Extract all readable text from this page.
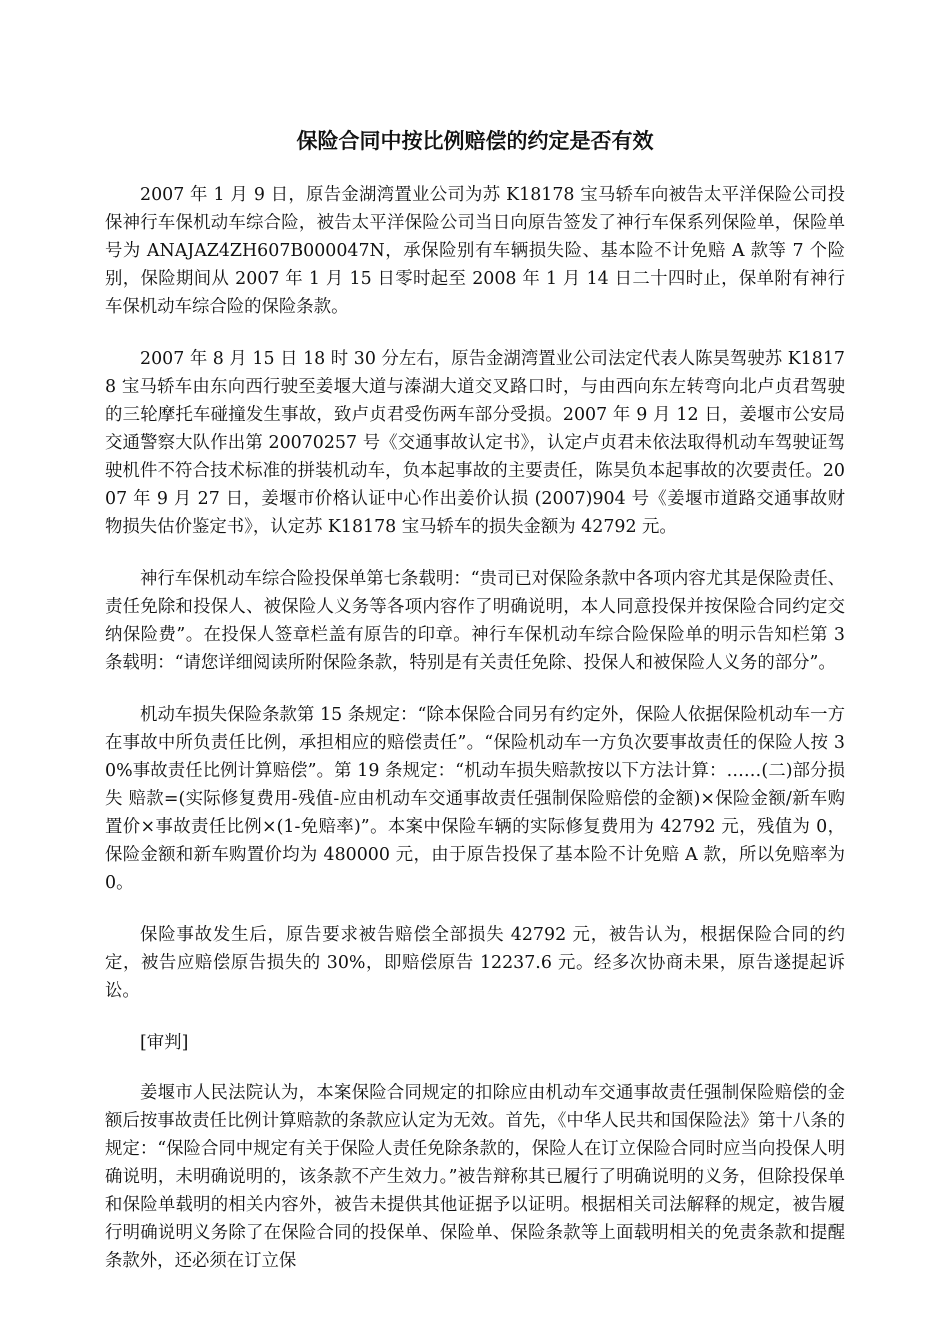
保险合同中按比例赔偿的约定是否有效

2007 年 1 月 9 日，原告金湖湾置业公司为苏 K18178 宝马轿车向被告太平洋保险公司投保神行车保机动车综合险，被告太平洋保险公司当日向原告签发了神行车保系列保险单，保险单号为 ANAJAZ4ZH607B000047N，承保险别有车辆损失险、基本险不计免赔 A 款等 7 个险别，保险期间从 2007 年 1 月 15 日零时起至 2008 年 1 月 14 日二十四时止，保单附有神行车保机动车综合险的保险条款。

2007 年 8 月 15 日 18 时 30 分左右，原告金湖湾置业公司法定代表人陈昊驾驶苏 K18178 宝马轿车由东向西行驶至姜堰大道与溱湖大道交叉路口时，与由西向东左转弯向北卢贞君驾驶的三轮摩托车碰撞发生事故，致卢贞君受伤两车部分受损。2007 年 9 月 12 日，姜堰市公安局交通警察大队作出第 20070257 号《交通事故认定书》，认定卢贞君未依法取得机动车驾驶证驾驶机件不符合技术标准的拼装机动车，负本起事故的主要责任，陈昊负本起事故的次要责任。2007 年 9 月 27 日，姜堰市价格认证中心作出姜价认损 (2007)904 号《姜堰市道路交通事故财物损失估价鉴定书》，认定苏 K18178 宝马轿车的损失金额为 42792 元。

神行车保机动车综合险投保单第七条载明：“贵司已对保险条款中各项内容尤其是保险责任、责任免除和投保人、被保险人义务等各项内容作了明确说明，本人同意投保并按保险合同约定交纳保险费”。在投保人签章栏盖有原告的印章。神行车保机动车综合险保险单的明示告知栏第 3 条载明：“请您详细阅读所附保险条款，特别是有关责任免除、投保人和被保险人义务的部分”。

机动车损失保险条款第 15 条规定：“除本保险合同另有约定外，保险人依据保险机动车一方在事故中所负责任比例，承担相应的赔偿责任”。“保险机动车一方负次要事故责任的保险人按 30%事故责任比例计算赔偿”。第 19 条规定：“机动车损失赔款按以下方法计算：……(二)部分损失 赔款=(实际修复费用-残值-应由机动车交通事故责任强制保险赔偿的金额)×保险金额/新车购置价×事故责任比例×(1-免赔率)”。本案中保险车辆的实际修复费用为 42792 元，残值为 0，保险金额和新车购置价均为 480000 元，由于原告投保了基本险不计免赔 A 款，所以免赔率为 0。

保险事故发生后，原告要求被告赔偿全部损失 42792 元，被告认为，根据保险合同的约定，被告应赔偿原告损失的 30%，即赔偿原告 12237.6 元。经多次协商未果，原告遂提起诉讼。

[审判]

姜堰市人民法院认为，本案保险合同规定的扣除应由机动车交通事故责任强制保险赔偿的金额后按事故责任比例计算赔款的条款应认定为无效。首先，《中华人民共和国保险法》第十八条的规定：“保险合同中规定有关于保险人责任免除条款的，保险人在订立保险合同时应当向投保人明确说明，未明确说明的，该条款不产生效力。”被告辩称其已履行了明确说明的义务，但除投保单和保险单载明的相关内容外，被告未提供其他证据予以证明。根据相关司法解释的规定，被告履行明确说明义务除了在保险合同的投保单、保险单、保险条款等上面载明相关的免责条款和提醒条款外，还必须在订立保
